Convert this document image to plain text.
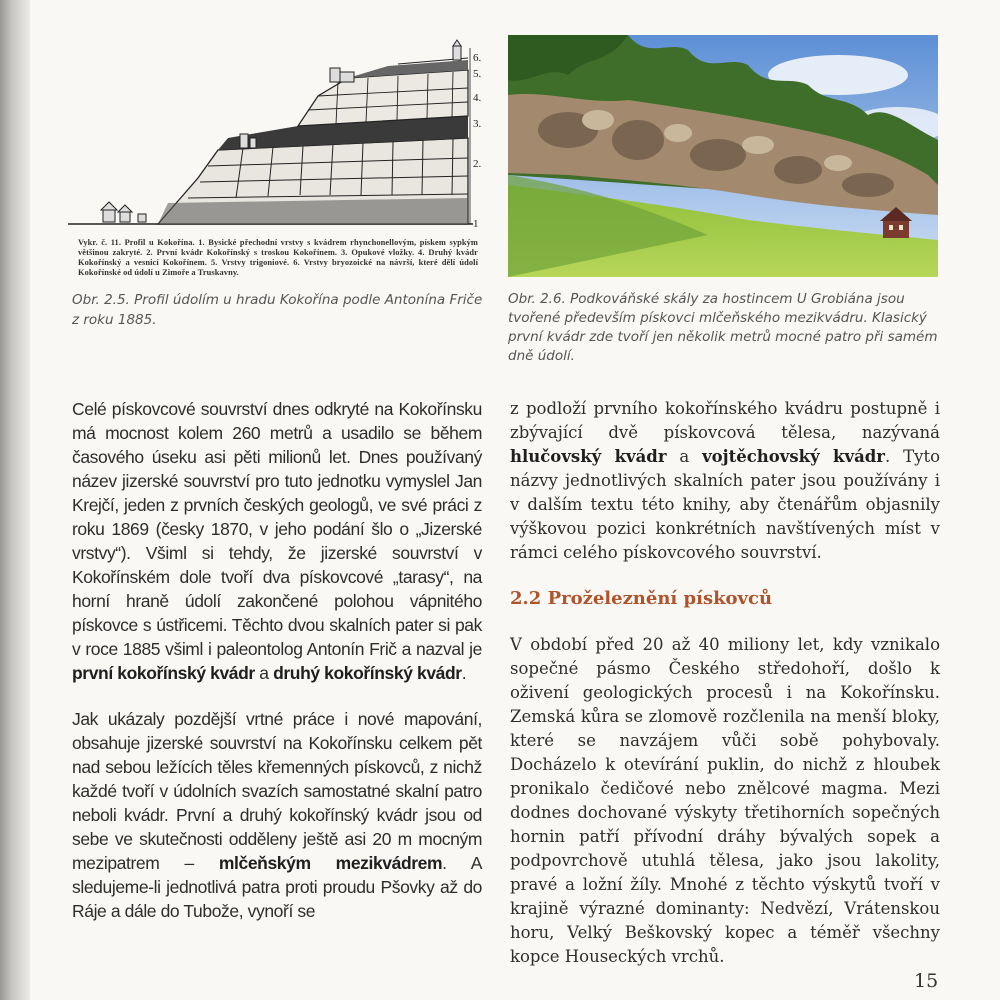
6.
5.
4.
3.
2.
1
Vykr. č. 11. Profil u Kokořína. 1. Bysické přechodní vrstvy s kvádrem rhynchonellovým, pískem sypkým většinou zakryté. 2. První kvádr Kokořínský s troskou Kokořínem. 3. Opukové vložky. 4. Druhý kvádr Kokořínský a vesnicí Kokořínem. 5. Vrstvy trigoniové. 6. Vrstvy bryozoické na návrší, které dělí údolí Kokořínské od údolí u Zimoře a Truskavny.
Obr. 2.5. Profil údolím u hradu Kokořína podle Antonína Friče z roku 1885.
Obr. 2.6. Podkováňské skály za hostincem U Grobiána jsou tvořené především pískovci mlčeňského mezikvádru. Klasický první kvádr zde tvoří jen několik metrů mocné patro při samém dně údolí.

Celé pískovcové souvrství dnes odkryté na Kokořínsku má mocnost kolem 260 metrů a usadilo se během časového úseku asi pěti milionů let. Dnes používaný název jizerské souvrství pro tuto jednotku vymyslel Jan Krejčí, jeden z prvních českých geologů, ve své práci z roku 1869 (česky 1870, v jeho podání šlo o „Jizerské vrstvy“). Všiml si tehdy, že jizerské souvrství v Kokořínském dole tvoří dva pískovcové „tarasy“, na horní hraně údolí zakončené polohou vápnitého pískovce s ústřicemi. Těchto dvou skalních pater si pak v roce 1885 všiml i paleontolog Antonín Frič a nazval je první kokořínský kvádr a druhý kokořínský kvádr.

Jak ukázaly pozdější vrtné práce i nové mapování, obsahuje jizerské souvrství na Kokořínsku celkem pět nad sebou ležících těles křemenných pískovců, z nichž každé tvoří v údolních svazích samostatné skalní patro neboli kvádr. První a druhý kokořínský kvádr jsou od sebe ve skutečnosti odděleny ještě asi 20 m mocným mezipatrem – mlčeňským mezikvádrem. A sledujeme-li jednotlivá patra proti proudu Pšovky až do Ráje a dále do Tubože, vynoří se

z podloží prvního kokořínského kvádru postupně i zbývající dvě pískovcová tělesa, nazývaná hlučovský kvádr a vojtěchovský kvádr. Tyto názvy jednotlivých skalních pater jsou používány i v dalším textu této knihy, aby čtenářům objasnily výškovou pozici konkrétních navštívených míst v rámci celého pískovcového souvrství.

2.2 Proželeznění pískovců

V období před 20 až 40 miliony let, kdy vznikalo sopečné pásmo Českého středohoří, došlo k oživení geologických procesů i na Kokořínsku. Zemská kůra se zlomově rozčlenila na menší bloky, které se navzájem vůči sobě pohybovaly. Docházelo k otevírání puklin, do nichž z hloubek pronikalo čedičové nebo znělcové magma. Mezi dodnes dochované výskyty třetihorních sopečných hornin patří přívodní dráhy bývalých sopek a podpovrchově utuhlá tělesa, jako jsou lakolity, pravé a ložní žíly. Mnohé z těchto výskytů tvoří v krajině výrazné dominanty: Nedvězí, Vrátenskou horu, Velký Beškovský kopec a téměř všechny kopce Houseckých vrchů.

15
